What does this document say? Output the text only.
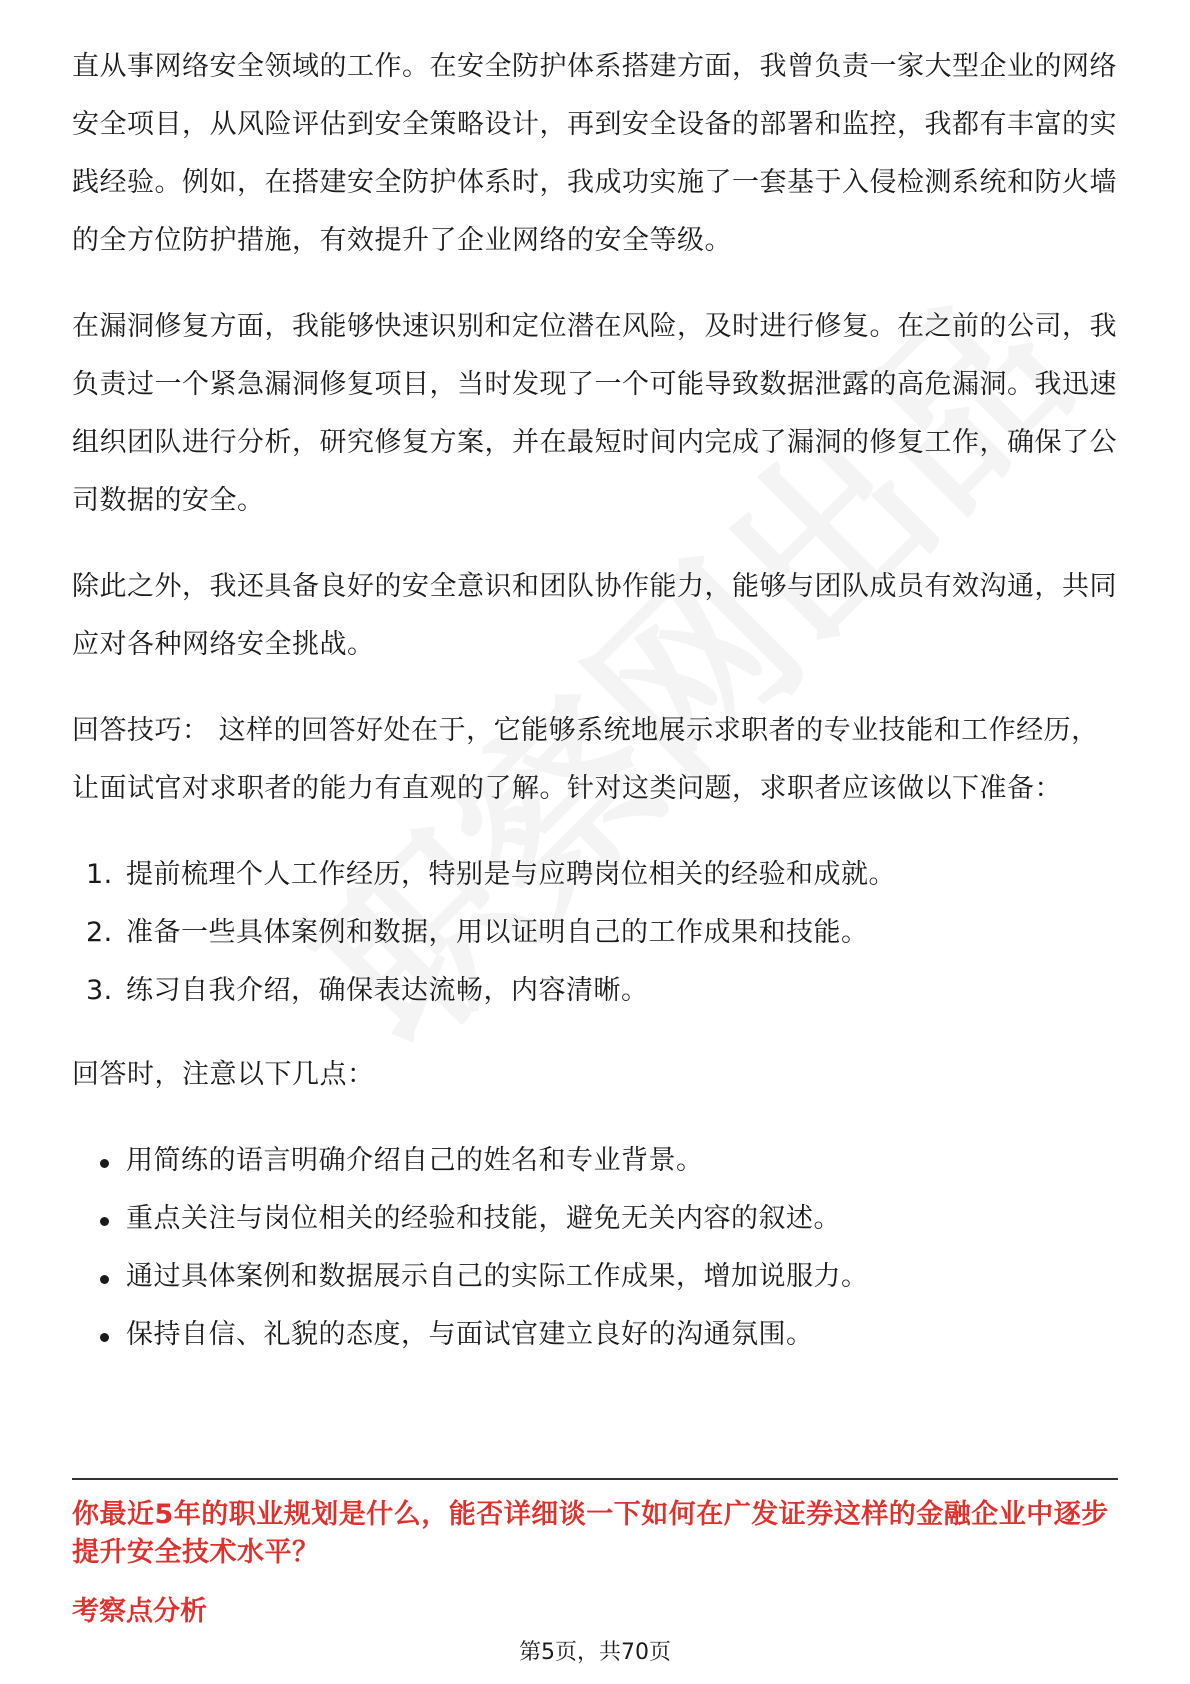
直从事网络安全领域的工作。在安全防护体系搭建方面，我曾负责一家大型企业的网络安全项目，从风险评估到安全策略设计，再到安全设备的部署和监控，我都有丰富的实践经验。例如，在搭建安全防护体系时，我成功实施了一套基于入侵检测系统和防火墙的全方位防护措施，有效提升了企业网络的安全等级。

在漏洞修复方面，我能够快速识别和定位潜在风险，及时进行修复。在之前的公司，我负责过一个紧急漏洞修复项目，当时发现了一个可能导致数据泄露的高危漏洞。我迅速组织团队进行分析，研究修复方案，并在最短时间内完成了漏洞的修复工作，确保了公司数据的安全。

除此之外，我还具备良好的安全意识和团队协作能力，能够与团队成员有效沟通，共同应对各种网络安全挑战。

回答技巧： 这样的回答好处在于，它能够系统地展示求职者的专业技能和工作经历，让面试官对求职者的能力有直观的了解。针对这类问题，求职者应该做以下准备：

1. 提前梳理个人工作经历，特别是与应聘岗位相关的经验和成就。
2. 准备一些具体案例和数据，用以证明自己的工作成果和技能。
3. 练习自我介绍，确保表达流畅，内容清晰。

回答时，注意以下几点：

用简练的语言明确介绍自己的姓名和专业背景。
重点关注与岗位相关的经验和技能，避免无关内容的叙述。
通过具体案例和数据展示自己的实际工作成果，增加说服力。
保持自信、礼貌的态度，与面试官建立良好的沟通氛围。
你最近5年的职业规划是什么，能否详细谈一下如何在广发证券这样的金融企业中逐步提升安全技术水平？
考察点分析
第5页，共70页
